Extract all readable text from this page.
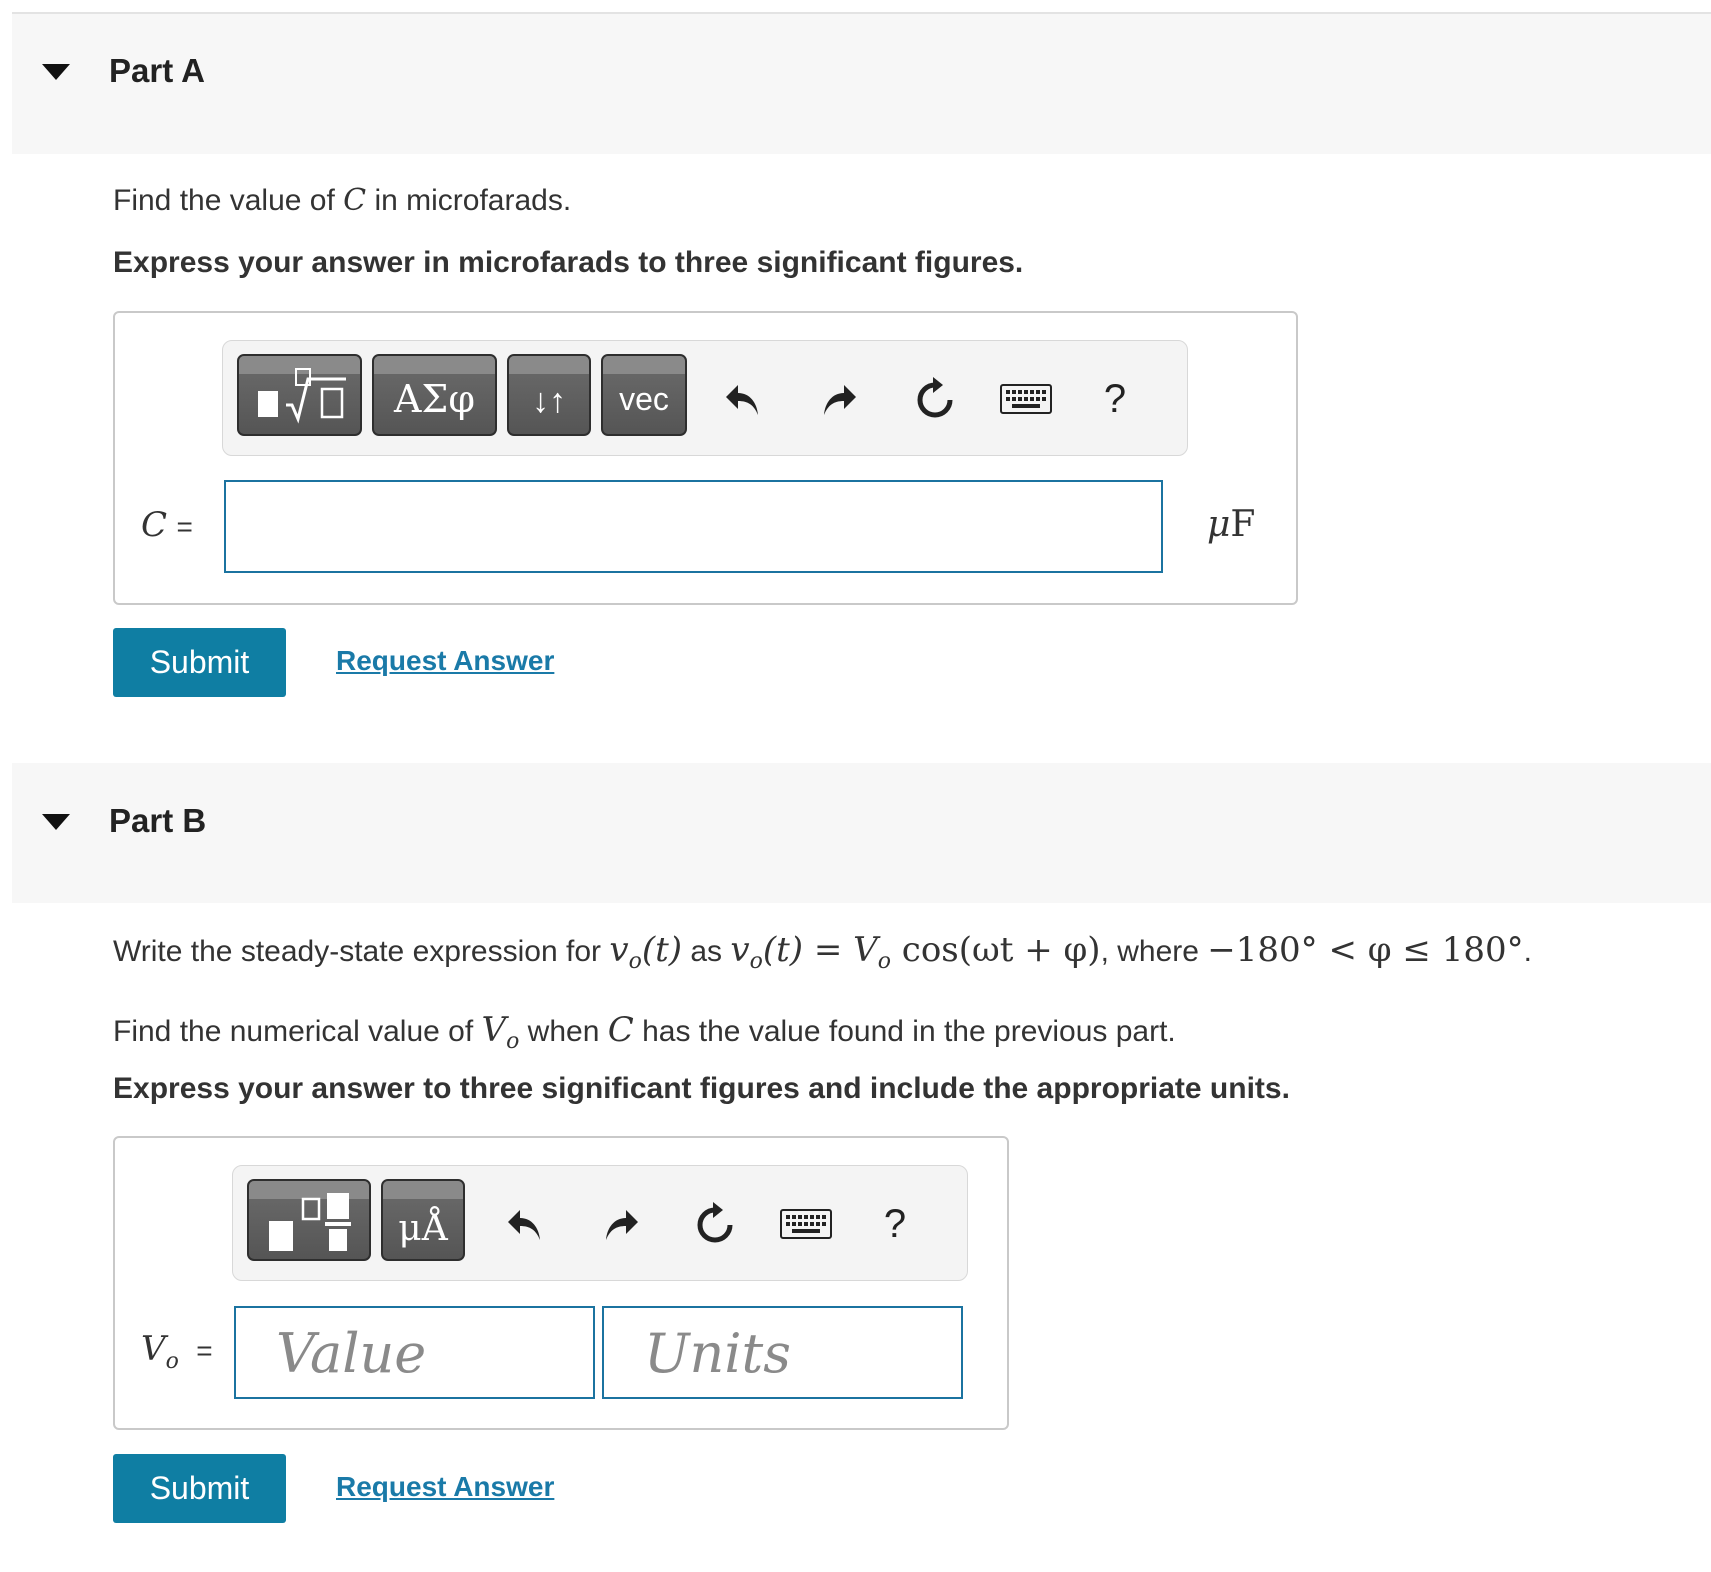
Part A
Find the value of C in microfarads.
Express your answer in microfarads to three significant figures.
ΑΣφ ↓↑ vec	?
C =	μF
Submit	Request Answer
Part B
Write the steady-state expression for $v_o(t)$ as $v_o(t) = V_o$ cos(ωt + φ), where −180° < φ ≤ 180°.
Find the numerical value of $V_o$ when C has the value found in the previous part.
Express your answer to three significant figures and include the appropriate units.
μÅ	?
$V_o$ = Value	Units
Submit	Request Answer
